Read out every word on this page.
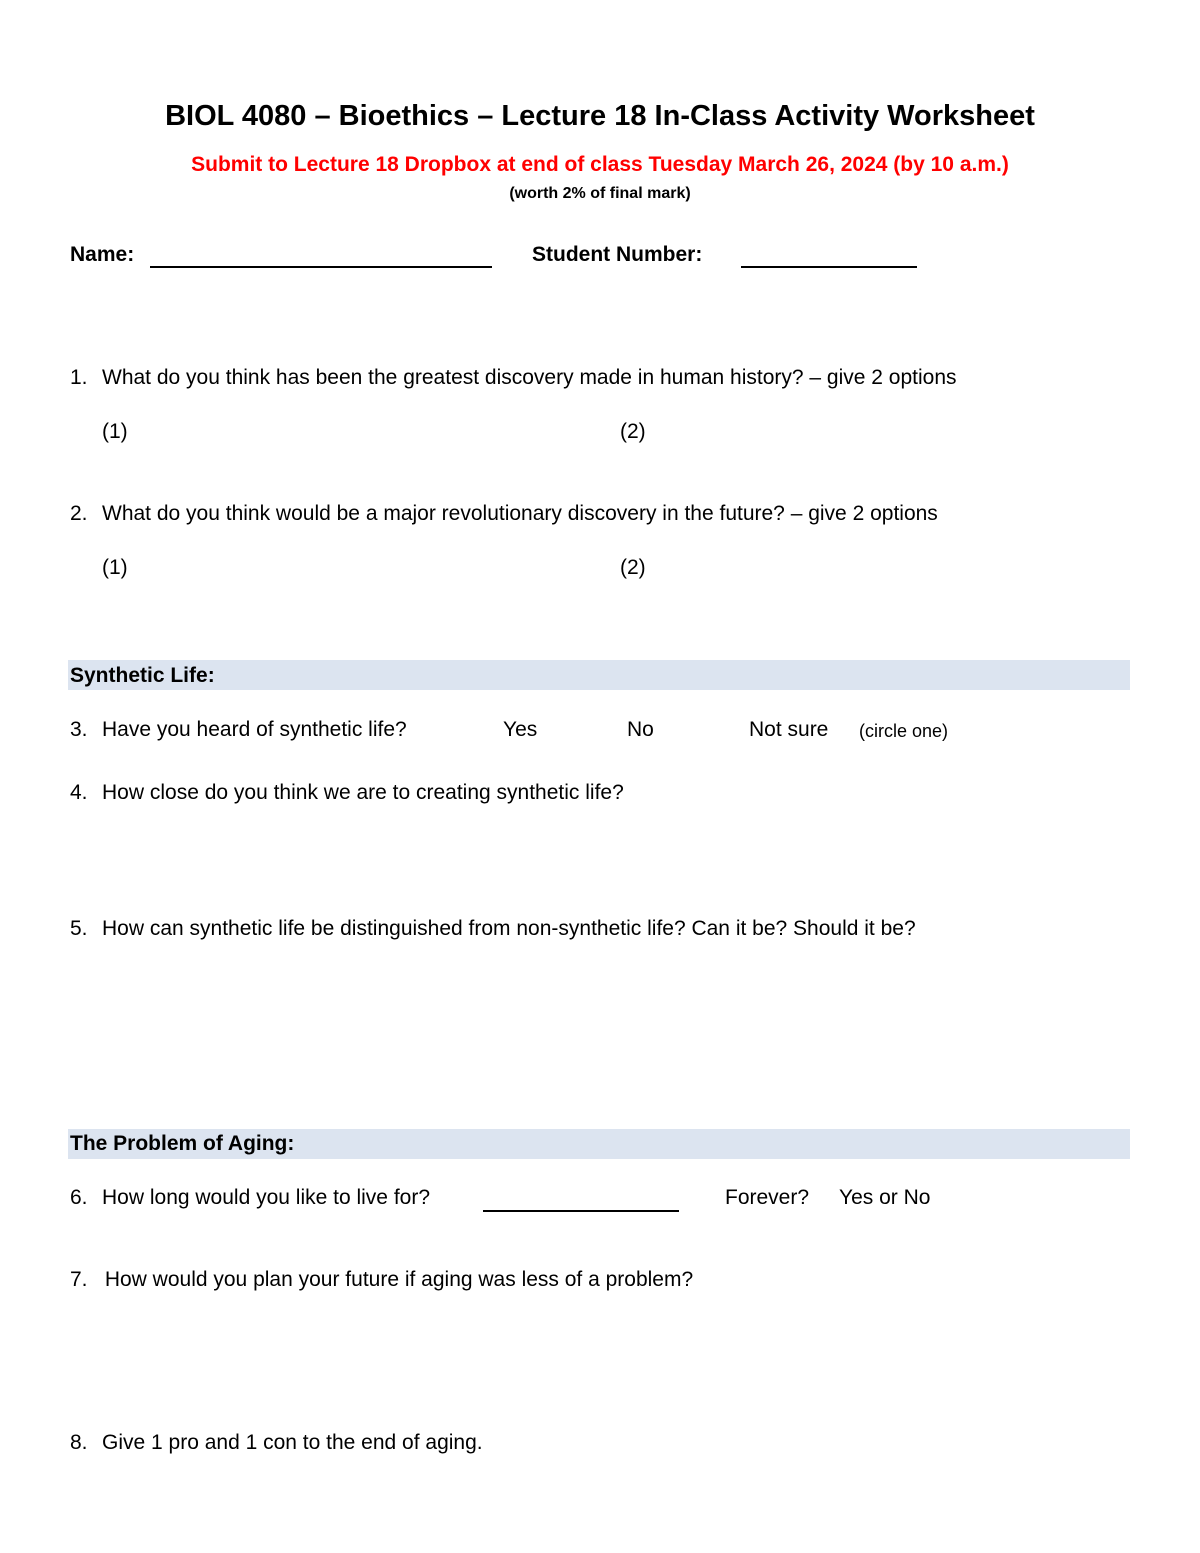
BIOL 4080 – Bioethics – Lecture 18 In-Class Activity Worksheet
Submit to Lecture 18 Dropbox at end of class Tuesday March 26, 2024 (by 10 a.m.)
(worth 2% of final mark)
Name:	Student Number:
1. What do you think has been the greatest discovery made in human history? – give 2 options
(1)	(2)
2. What do you think would be a major revolutionary discovery in the future? – give 2 options
(1)	(2)
Synthetic Life:
3. Have you heard of synthetic life?	Yes	No	Not sure (circle one)
4. How close do you think we are to creating synthetic life?
5. How can synthetic life be distinguished from non-synthetic life? Can it be? Should it be?
The Problem of Aging:
6. How long would you like to live for?	Forever? Yes or No
7. How would you plan your future if aging was less of a problem?
8. Give 1 pro and 1 con to the end of aging.
